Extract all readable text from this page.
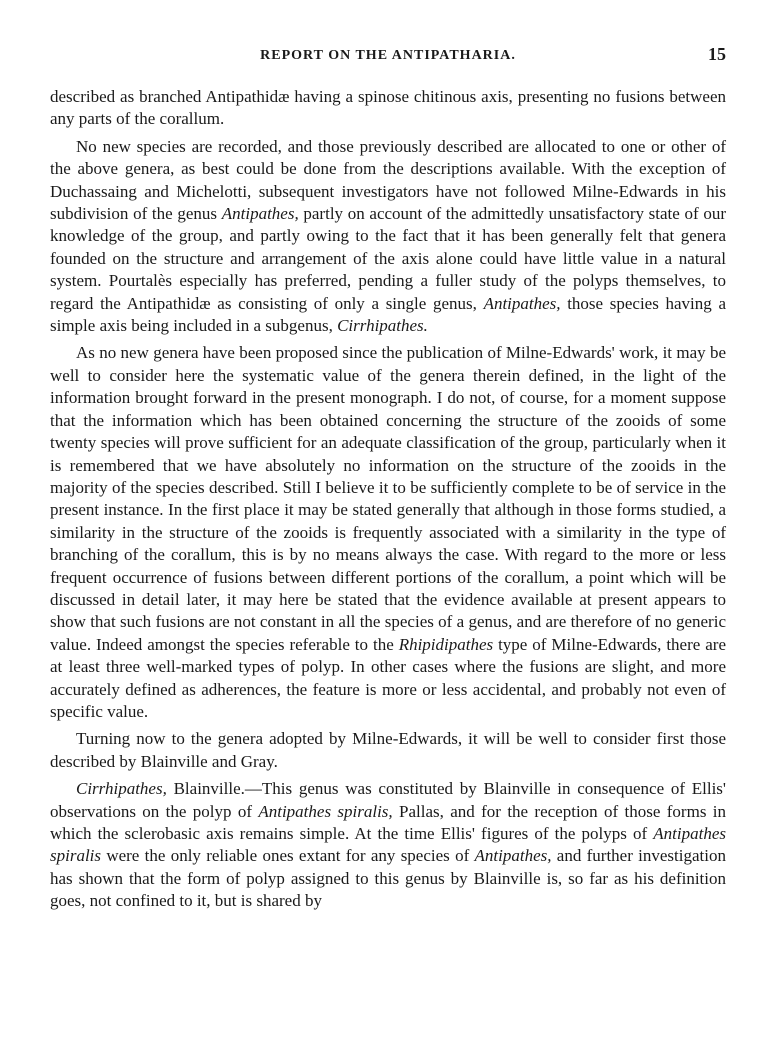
REPORT ON THE ANTIPATHARIA.	15

described as branched Antipathidæ having a spinose chitinous axis, presenting no fusions between any parts of the corallum.

No new species are recorded, and those previously described are allocated to one or other of the above genera, as best could be done from the descriptions available. With the exception of Duchassaing and Michelotti, subsequent investigators have not followed Milne-Edwards in his subdivision of the genus Antipathes, partly on account of the admittedly unsatisfactory state of our knowledge of the group, and partly owing to the fact that it has been generally felt that genera founded on the structure and arrangement of the axis alone could have little value in a natural system. Pourtalès especially has preferred, pending a fuller study of the polyps themselves, to regard the Antipathidæ as consisting of only a single genus, Antipathes, those species having a simple axis being included in a subgenus, Cirrhipathes.

As no new genera have been proposed since the publication of Milne-Edwards' work, it may be well to consider here the systematic value of the genera therein defined, in the light of the information brought forward in the present monograph. I do not, of course, for a moment suppose that the information which has been obtained concerning the structure of the zooids of some twenty species will prove sufficient for an adequate classification of the group, particularly when it is remembered that we have absolutely no information on the structure of the zooids in the majority of the species described. Still I believe it to be sufficiently complete to be of service in the present instance. In the first place it may be stated generally that although in those forms studied, a similarity in the structure of the zooids is frequently associated with a similarity in the type of branching of the corallum, this is by no means always the case. With regard to the more or less frequent occurrence of fusions between different portions of the corallum, a point which will be discussed in detail later, it may here be stated that the evidence available at present appears to show that such fusions are not constant in all the species of a genus, and are therefore of no generic value. Indeed amongst the species referable to the Rhipidipathes type of Milne-Edwards, there are at least three well-marked types of polyp. In other cases where the fusions are slight, and more accurately defined as adherences, the feature is more or less accidental, and probably not even of specific value.

Turning now to the genera adopted by Milne-Edwards, it will be well to consider first those described by Blainville and Gray.

Cirrhipathes, Blainville.—This genus was constituted by Blainville in consequence of Ellis' observations on the polyp of Antipathes spiralis, Pallas, and for the reception of those forms in which the sclerobasic axis remains simple. At the time Ellis' figures of the polyps of Antipathes spiralis were the only reliable ones extant for any species of Antipathes, and further investigation has shown that the form of polyp assigned to this genus by Blainville is, so far as his definition goes, not confined to it, but is shared by
